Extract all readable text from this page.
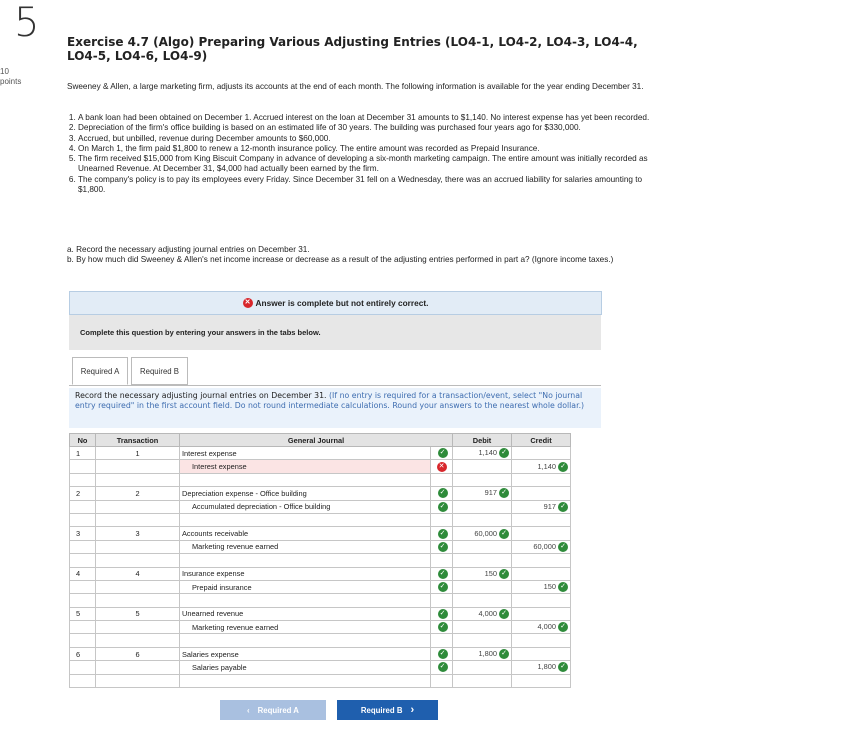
5
10
points
Exercise 4.7 (Algo) Preparing Various Adjusting Entries (LO4-1, LO4-2, LO4-3, LO4-4, LO4-5, LO4-6, LO4-9)
Sweeney & Allen, a large marketing firm, adjusts its accounts at the end of each month. The following information is available for the year ending December 31.
1. A bank loan had been obtained on December 1. Accrued interest on the loan at December 31 amounts to $1,140. No interest expense has yet been recorded.
2. Depreciation of the firm's office building is based on an estimated life of 30 years. The building was purchased four years ago for $330,000.
3. Accrued, but unbilled, revenue during December amounts to $60,000.
4. On March 1, the firm paid $1,800 to renew a 12-month insurance policy. The entire amount was recorded as Prepaid Insurance.
5. The firm received $15,000 from King Biscuit Company in advance of developing a six-month marketing campaign. The entire amount was initially recorded as Unearned Revenue. At December 31, $4,000 had actually been earned by the firm.
6. The company's policy is to pay its employees every Friday. Since December 31 fell on a Wednesday, there was an accrued liability for salaries amounting to $1,800.
a. Record the necessary adjusting journal entries on December 31.
b. By how much did Sweeney & Allen's net income increase or decrease as a result of the adjusting entries performed in part a? (Ignore income taxes.)
✕ Answer is complete but not entirely correct.
Complete this question by entering your answers in the tabs below.
Required A	Required B
Record the necessary adjusting journal entries on December 31. (If no entry is required for a transaction/event, select "No journal entry required" in the first account field. Do not round intermediate calculations. Round your answers to the nearest whole dollar.)
No	Transaction	General Journal		Debit	Credit
1	1	Interest expense	✓	1,140 ✓	
		Interest expense	✕		1,140 ✓

2	2	Depreciation expense - Office building	✓	917 ✓	
		Accumulated depreciation - Office building	✓		917 ✓

3	3	Accounts receivable	✓	60,000 ✓	
		Marketing revenue earned	✓		60,000 ✓

4	4	Insurance expense	✓	150 ✓	
		Prepaid insurance	✓		150 ✓

5	5	Unearned revenue	✓	4,000 ✓	
		Marketing revenue earned	✓		4,000 ✓

6	6	Salaries expense	✓	1,800 ✓	
		Salaries payable	✓		1,800 ✓

‹ Required A	Required B ›
